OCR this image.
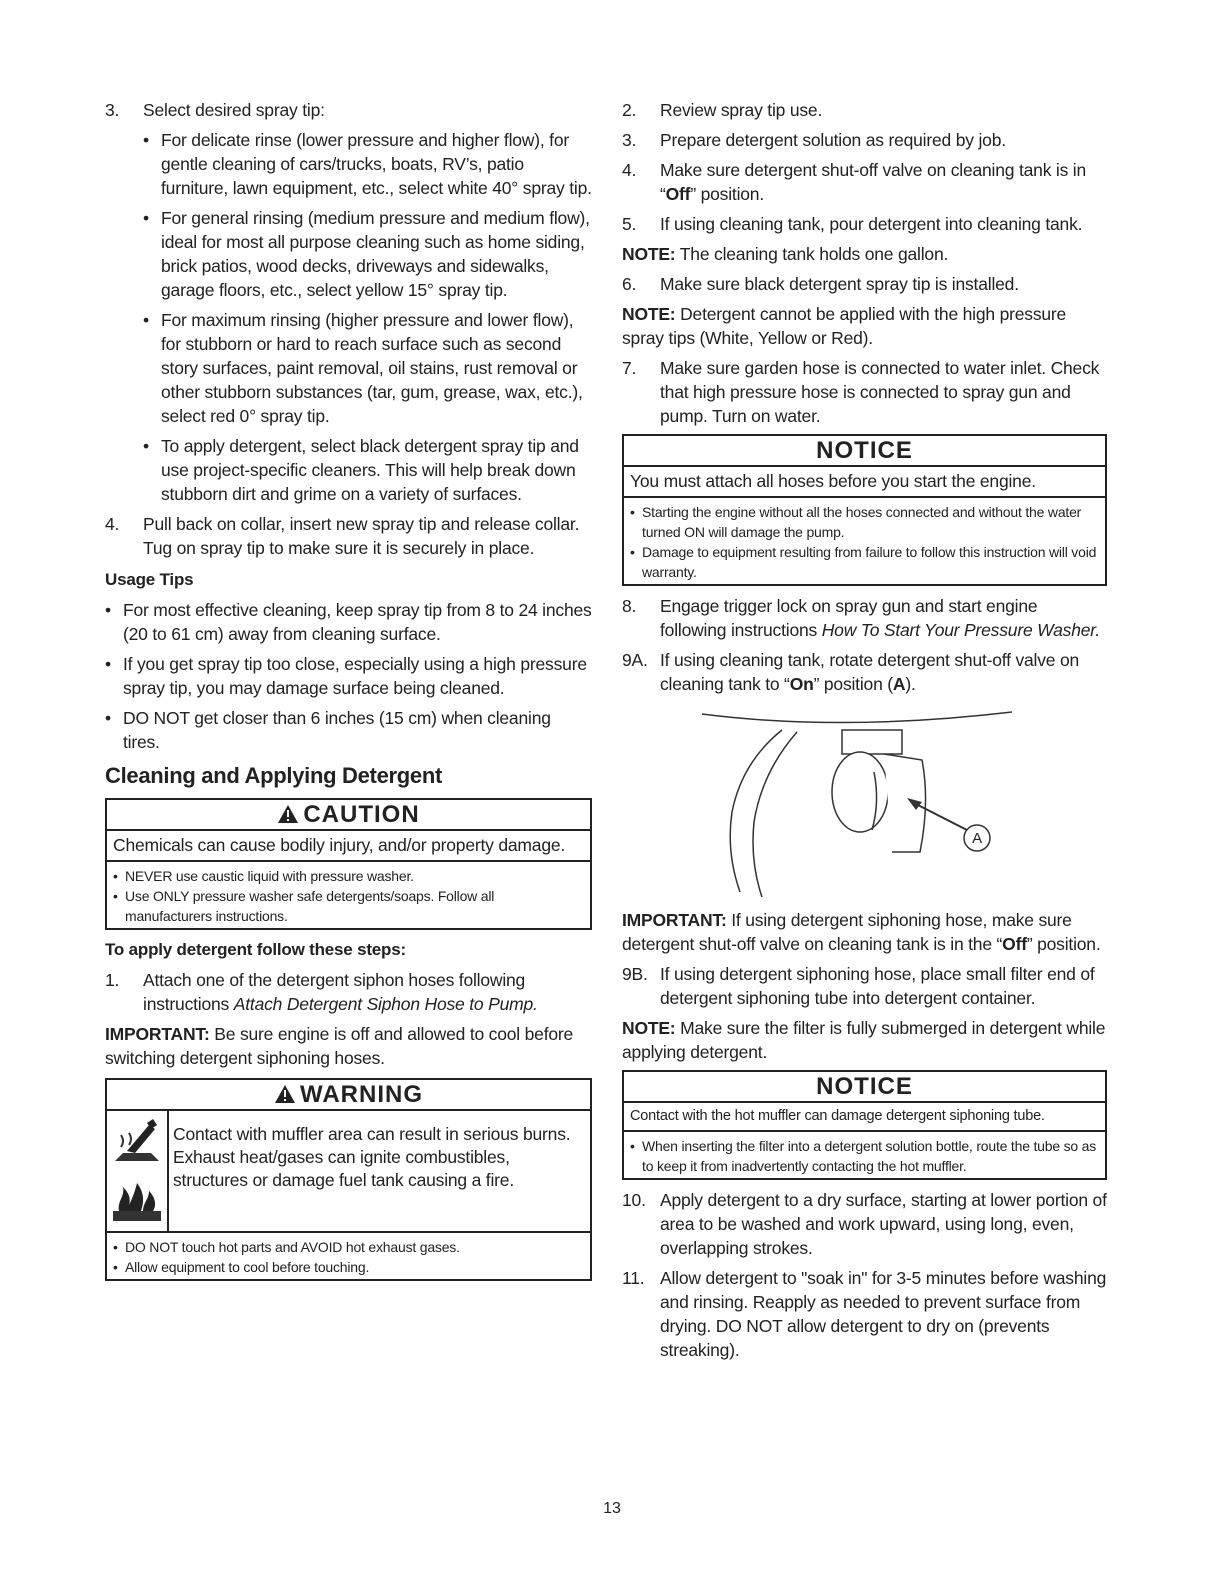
3. Select desired spray tip:
• For delicate rinse (lower pressure and higher flow), for gentle cleaning of cars/trucks, boats, RV’s, patio furniture, lawn equipment, etc., select white 40° spray tip.
• For general rinsing (medium pressure and medium flow), ideal for most all purpose cleaning such as home siding, brick patios, wood decks, driveways and sidewalks, garage floors, etc., select yellow 15° spray tip.
• For maximum rinsing (higher pressure and lower flow), for stubborn or hard to reach surface such as second story surfaces, paint removal, oil stains, rust removal or other stubborn substances (tar, gum, grease, wax, etc.), select red 0° spray tip.
• To apply detergent, select black detergent spray tip and use project-specific cleaners. This will help break down stubborn dirt and grime on a variety of surfaces.
4. Pull back on collar, insert new spray tip and release collar. Tug on spray tip to make sure it is securely in place.
Usage Tips
• For most effective cleaning, keep spray tip from 8 to 24 inches (20 to 61 cm) away from cleaning surface.
• If you get spray tip too close, especially using a high pressure spray tip, you may damage surface being cleaned.
• DO NOT get closer than 6 inches (15 cm) when cleaning tires.
Cleaning and Applying Detergent
CAUTION
Chemicals can cause bodily injury, and/or property damage.
• NEVER use caustic liquid with pressure washer.
• Use ONLY pressure washer safe detergents/soaps. Follow all manufacturers instructions.
To apply detergent follow these steps:
1. Attach one of the detergent siphon hoses following instructions Attach Detergent Siphon Hose to Pump.
IMPORTANT: Be sure engine is off and allowed to cool before switching detergent siphoning hoses.
WARNING
Contact with muffler area can result in serious burns.
Exhaust heat/gases can ignite combustibles, structures or damage fuel tank causing a fire.
• DO NOT touch hot parts and AVOID hot exhaust gases.
• Allow equipment to cool before touching.
2. Review spray tip use.
3. Prepare detergent solution as required by job.
4. Make sure detergent shut-off valve on cleaning tank is in “Off” position.
5. If using cleaning tank, pour detergent into cleaning tank.
NOTE: The cleaning tank holds one gallon.
6. Make sure black detergent spray tip is installed.
NOTE: Detergent cannot be applied with the high pressure spray tips (White, Yellow or Red).
7. Make sure garden hose is connected to water inlet. Check that high pressure hose is connected to spray gun and pump. Turn on water.
NOTICE
You must attach all hoses before you start the engine.
• Starting the engine without all the hoses connected and without the water turned ON will damage the pump.
• Damage to equipment resulting from failure to follow this instruction will void warranty.
8. Engage trigger lock on spray gun and start engine following instructions How To Start Your Pressure Washer.
9A. If using cleaning tank, rotate detergent shut-off valve on cleaning tank to “On” position (A).
A
IMPORTANT: If using detergent siphoning hose, make sure detergent shut-off valve on cleaning tank is in the “Off” position.
9B. If using detergent siphoning hose, place small filter end of detergent siphoning tube into detergent container.
NOTE: Make sure the filter is fully submerged in detergent while applying detergent.
NOTICE
Contact with the hot muffler can damage detergent siphoning tube.
• When inserting the filter into a detergent solution bottle, route the tube so as to keep it from inadvertently contacting the hot muffler.
10. Apply detergent to a dry surface, starting at lower portion of area to be washed and work upward, using long, even, overlapping strokes.
11. Allow detergent to "soak in" for 3-5 minutes before washing and rinsing. Reapply as needed to prevent surface from drying. DO NOT allow detergent to dry on (prevents streaking).
13
